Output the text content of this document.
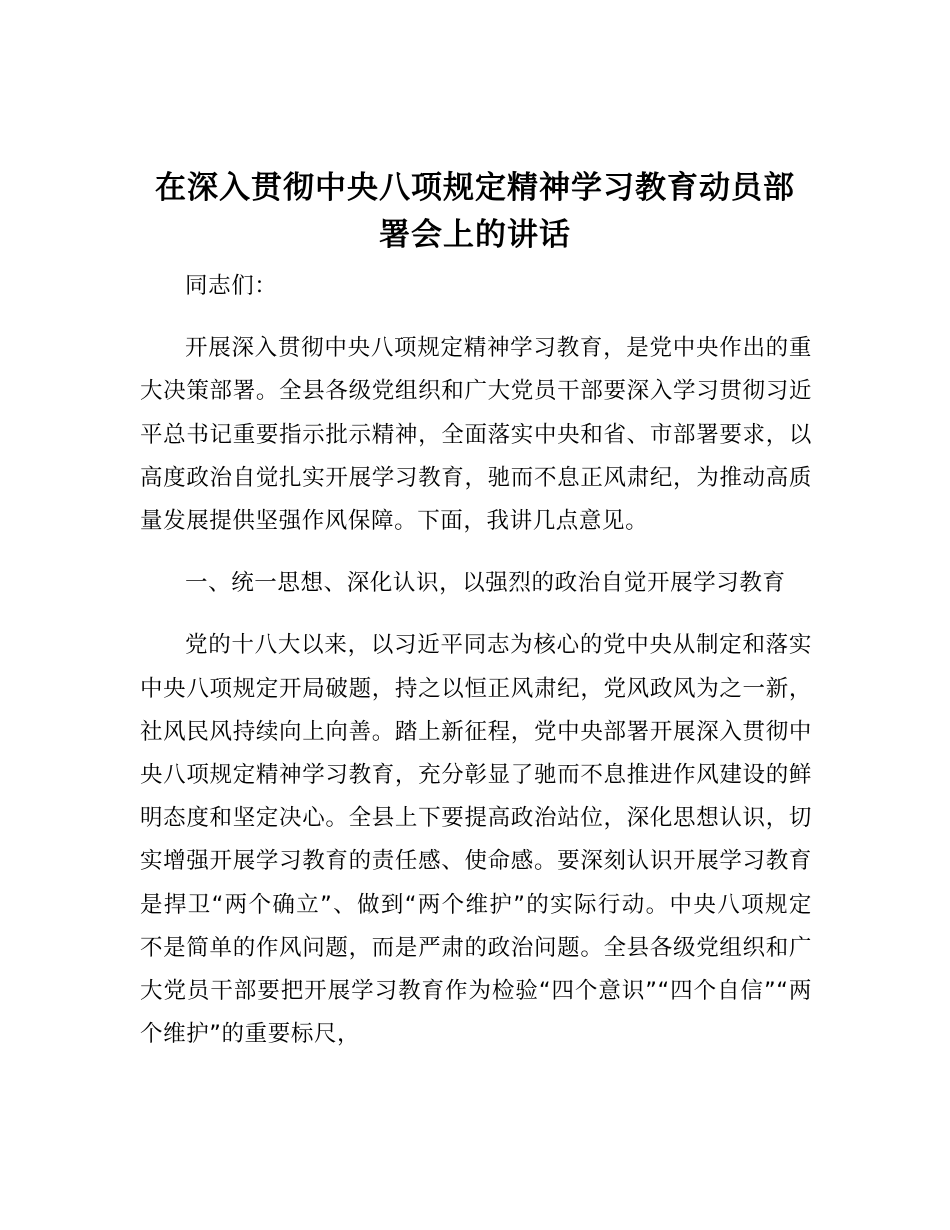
在深入贯彻中央八项规定精神学习教育动员部署会上的讲话

同志们：

开展深入贯彻中央八项规定精神学习教育，是党中央作出的重大决策部署。全县各级党组织和广大党员干部要深入学习贯彻习近平总书记重要指示批示精神，全面落实中央和省、市部署要求，以高度政治自觉扎实开展学习教育，驰而不息正风肃纪，为推动高质量发展提供坚强作风保障。下面，我讲几点意见。

一、统一思想、深化认识，以强烈的政治自觉开展学习教育

党的十八大以来，以习近平同志为核心的党中央从制定和落实中央八项规定开局破题，持之以恒正风肃纪，党风政风为之一新，社风民风持续向上向善。踏上新征程，党中央部署开展深入贯彻中央八项规定精神学习教育，充分彰显了驰而不息推进作风建设的鲜明态度和坚定决心。全县上下要提高政治站位，深化思想认识，切实增强开展学习教育的责任感、使命感。要深刻认识开展学习教育是捍卫“两个确立”、做到“两个维护”的实际行动。中央八项规定不是简单的作风问题，而是严肃的政治问题。全县各级党组织和广大党员干部要把开展学习教育作为检验“四个意识”“四个自信”“两个维护”的重要标尺，
